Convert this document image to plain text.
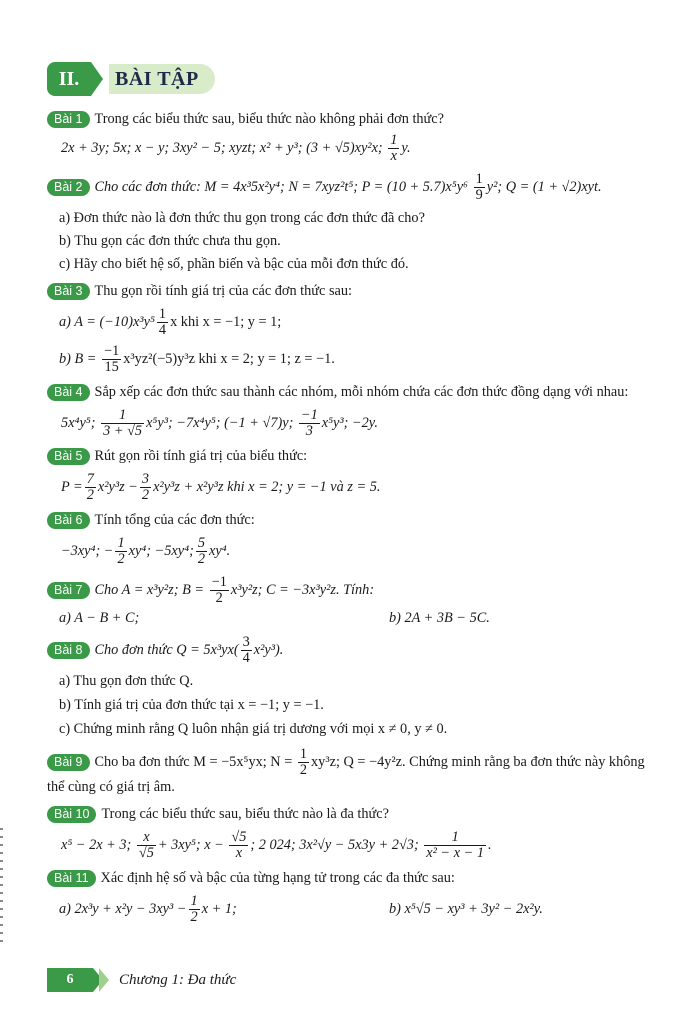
II.	BÀI TẬP

Bài 1 Trong các biểu thức sau, biểu thức nào không phải đơn thức?

2x + 3y; 5x; x − y; 3xy² − 5; xyzt; x² + y³; (3 + √5)xy²x; $\frac{1}{x} y$.

Bài 2 Cho các đơn thức: M = 4x³5x²y⁴; N = 7xyz²t⁵; $P = (10 + 5.7)x^5y^6 \frac{1}{9} y^2$; Q = (1 + √2)xyt.

a) Đơn thức nào là đơn thức thu gọn trong các đơn thức đã cho?

b) Thu gọn các đơn thức chưa thu gọn.

c) Hãy cho biết hệ số, phần biến và bậc của mỗi đơn thức đó.

Bài 3 Thu gọn rồi tính giá trị của các đơn thức sau:

a) $A = (-10)x^3y^5 \frac{1}{4}$ x khi x = −1; y = 1;

b) $B = \frac{-1}{15} x^3yz^2(-5)y^3z$ khi x = 2; y = 1; z = −1.

Bài 4 Sắp xếp các đơn thức sau thành các nhóm, mỗi nhóm chứa các đơn thức đồng dạng với nhau:

5x⁴y⁵; $\frac{1}{3 + √5} x^5y^3$; −7x⁴y⁵; (−1 + √7)y; $\frac{-1}{3} x^5y^3$; −2y.

Bài 5 Rút gọn rồi tính giá trị của biểu thức:

$P = \frac{7}{2} x^2y^3z - \frac{3}{2} x^2y^3z + x^2y^3z$ khi x = 2; y = −1 và z = 5.

Bài 6 Tính tổng của các đơn thức:

−3xy⁴; − $\frac{1}{2} xy^4$; −5xy⁴; $\frac{5}{2} xy^4$.

Bài 7 Cho A = x³y²z; $B = \frac{-1}{2} x^3y^2z$; C = −3x³y²z. Tính:

a) A − B + C;	b) 2A + 3B − 5C.

Bài 8 Cho đơn thức $Q = 5x^3yx( \frac{3}{4} x^2y^3)$.

a) Thu gọn đơn thức Q.

b) Tính giá trị của đơn thức tại x = −1; y = −1.

c) Chứng minh rằng Q luôn nhận giá trị dương với mọi x ≠ 0, y ≠ 0.

Bài 9 Cho ba đơn thức M = −5x⁵yx; $N = \frac{1}{2} xy^3z$; Q = −4y²z. Chứng minh rằng ba đơn thức này không

thể cùng có giá trị âm.

Bài 10 Trong các biểu thức sau, biểu thức nào là đa thức?

x⁵ − 2x + 3; $\frac{x}{√5} + 3xy^5$; $x - \frac{√5}{x}$ ; 2 024; 3x²√y − 5x3y + 2√3; $\frac{1}{\text{x² − x − 1}}$ .

Bài 11 Xác định hệ số và bậc của từng hạng tử trong các đa thức sau:

a) $2x^3y + x^2y - 3xy^3 - \frac{1}{2}$ x + 1;	b) x⁵√5 − xy³ + 3y² − 2x²y.
6	Chương 1: Đa thức
